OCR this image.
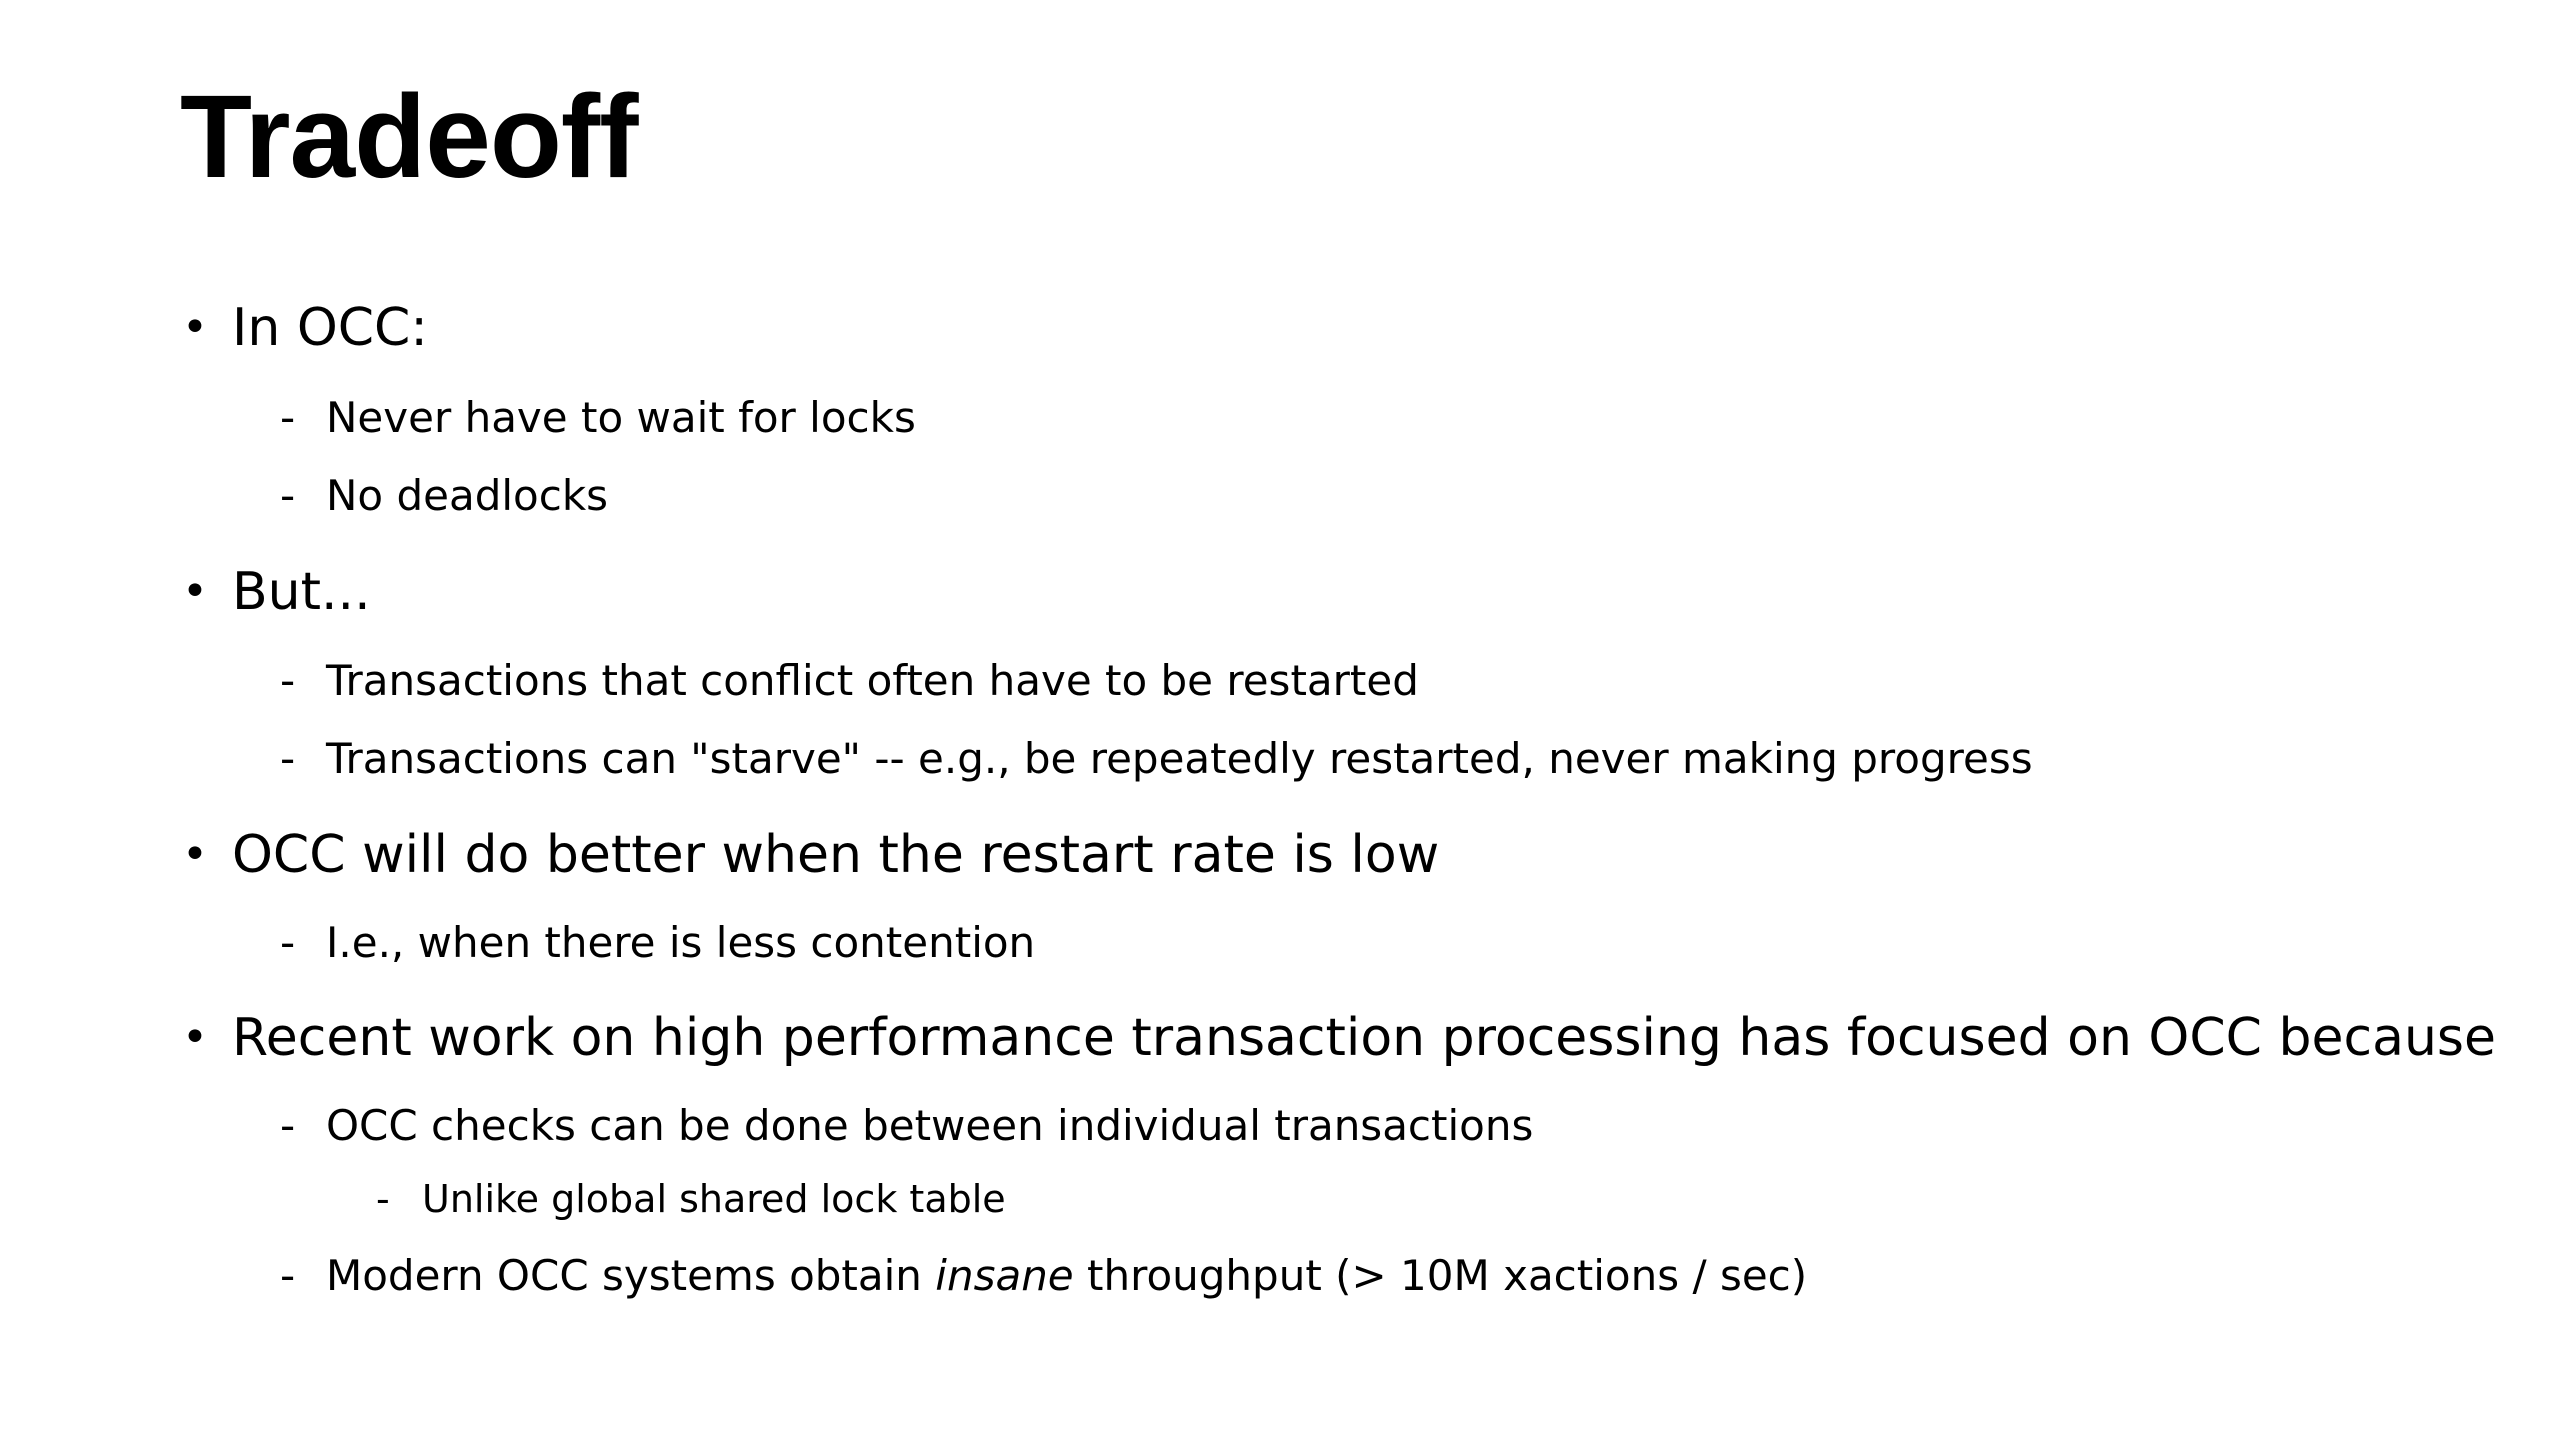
Tradeoff
• In OCC:
- Never have to wait for locks
- No deadlocks
• But...
- Transactions that conflict often have to be restarted
- Transactions can "starve" -- e.g., be repeatedly restarted, never making progress
• OCC will do better when the restart rate is low
- I.e., when there is less contention
• Recent work on high performance transaction processing has focused on OCC because
- OCC checks can be done between individual transactions
- Unlike global shared lock table
- Modern OCC systems obtain insane throughput (> 10M xactions / sec)
